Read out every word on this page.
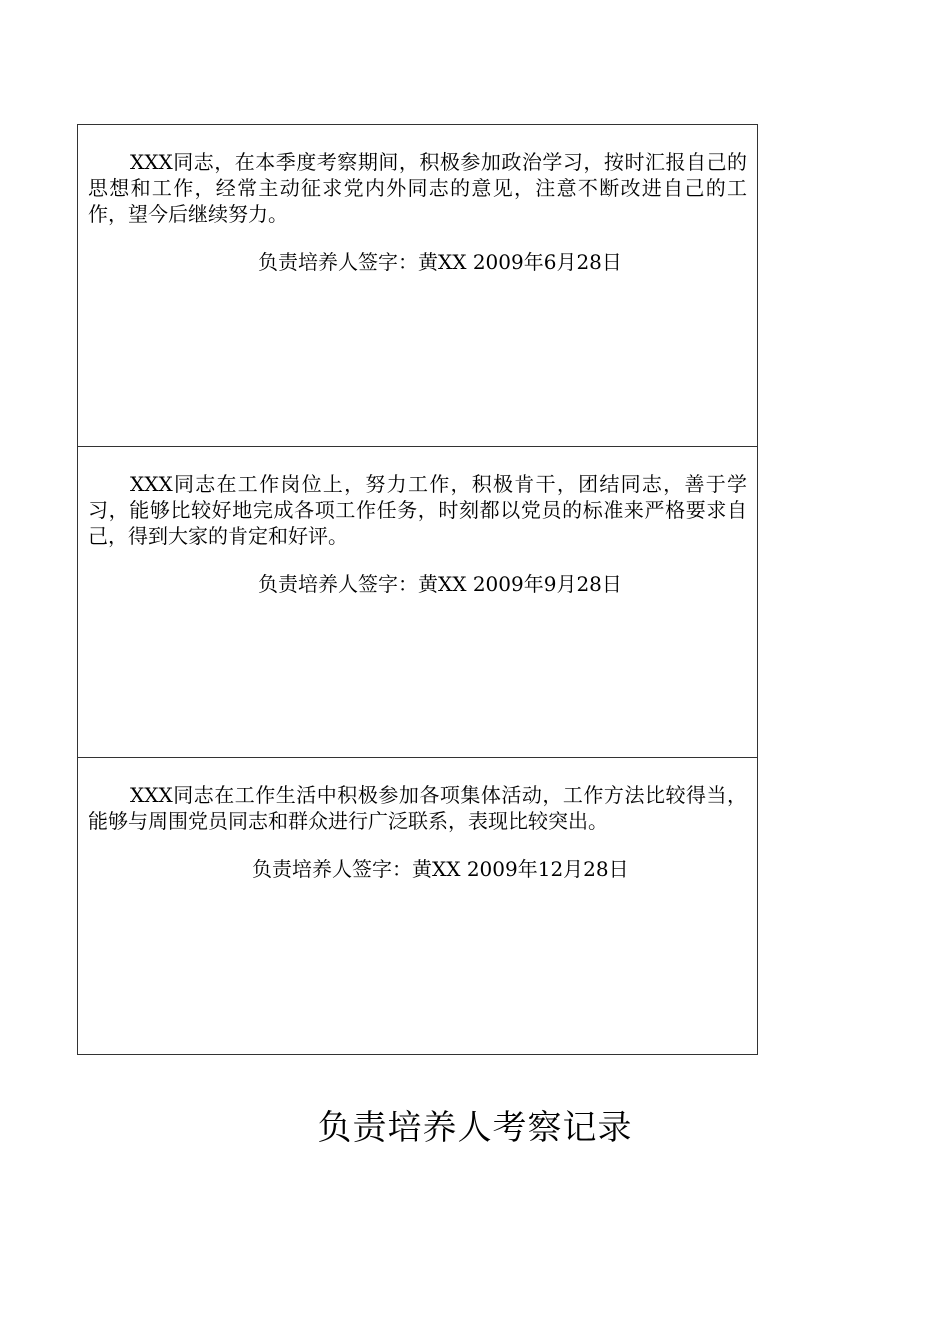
XXX同志，在本季度考察期间，积极参加政治学习，按时汇报自己的思想和工作，经常主动征求党内外同志的意见，注意不断改进自己的工作，望今后继续努力。

负责培养人签字：黄XX 2009年6月28日

XXX同志在工作岗位上，努力工作，积极肯干，团结同志，善于学习，能够比较好地完成各项工作任务，时刻都以党员的标准来严格要求自己，得到大家的肯定和好评。

负责培养人签字：黄XX 2009年9月28日

XXX同志在工作生活中积极参加各项集体活动，工作方法比较得当，能够与周围党员同志和群众进行广泛联系，表现比较突出。

负责培养人签字：黄XX 2009年12月28日

负责培养人考察记录
